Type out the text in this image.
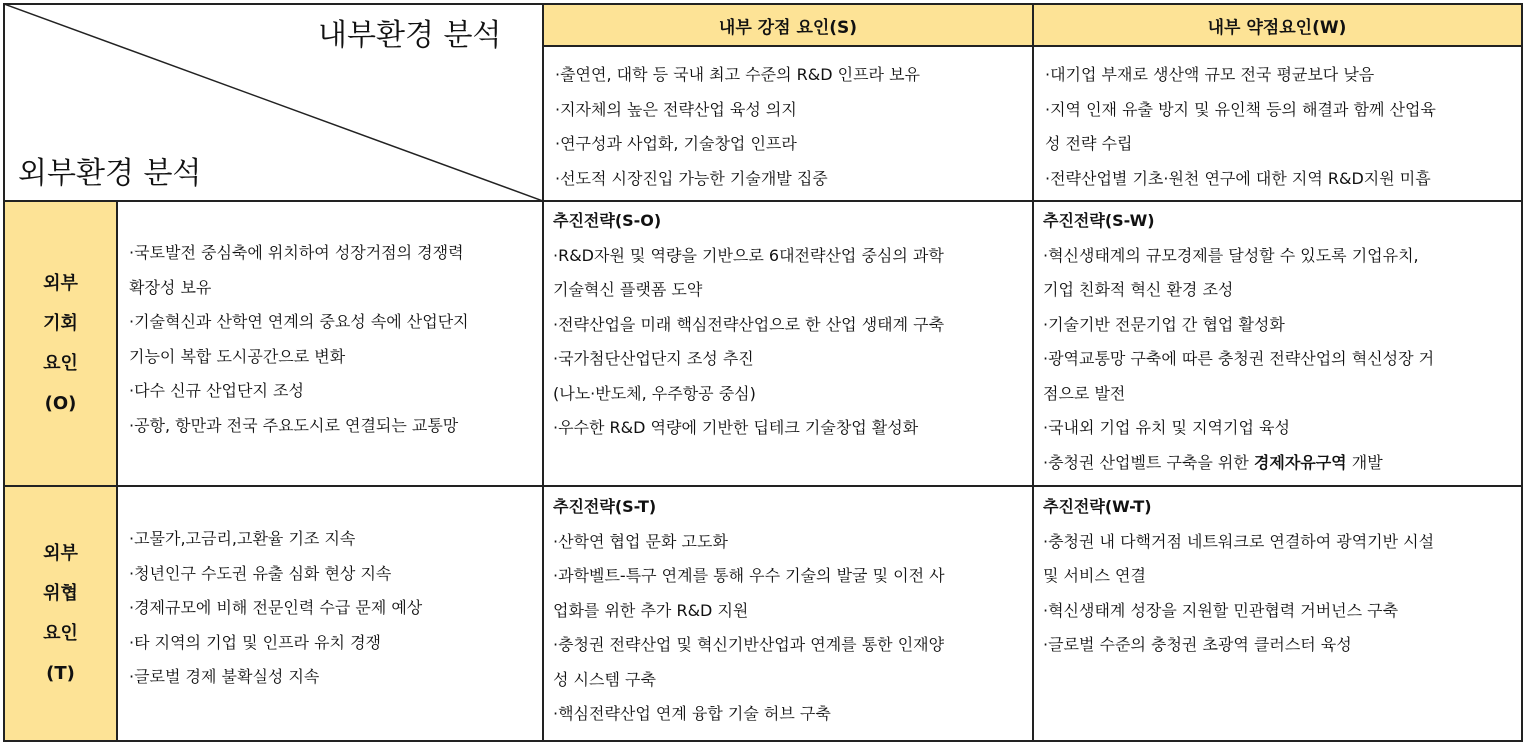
내부 강점 요인(S)	내부 약점요인(W)
외부
기회
요인
(O)
외부
위협
요인
(T)
내부환경 분석
외부환경 분석
·출연연, 대학 등 국내 최고 수준의 R&D 인프라 보유
·지자체의 높은 전략산업 육성 의지
·연구성과 사업화, 기술창업 인프라
·선도적 시장진입 가능한 기술개발 집중
·대기업 부재로 생산액 규모 전국 평균보다 낮음
·지역 인재 유출 방지 및 유인책 등의 해결과 함께 산업육
성 전략 수립
·전략산업별 기초·원천 연구에 대한 지역 R&D지원 미흡
·국토발전 중심축에 위치하여 성장거점의 경쟁력
확장성 보유
·기술혁신과 산학연 연계의 중요성 속에 산업단지
기능이 복합 도시공간으로 변화
·다수 신규 산업단지 조성
·공항, 항만과 전국 주요도시로 연결되는 교통망
·고물가,고금리,고환율 기조 지속
·청년인구 수도권 유출 심화 현상 지속
·경제규모에 비해 전문인력 수급 문제 예상
·타 지역의 기업 및 인프라 유치 경쟁
·글로벌 경제 불확실성 지속
추진전략(S-O)
·R&D자원 및 역량을 기반으로 6대전략산업 중심의 과학
기술혁신 플랫폼 도약
·전략산업을 미래 핵심전략산업으로 한 산업 생태계 구축
·국가첨단산업단지 조성 추진
(나노·반도체, 우주항공 중심)
·우수한 R&D 역량에 기반한 딥테크 기술창업 활성화
추진전략(S-W)
·혁신생태계의 규모경제를 달성할 수 있도록 기업유치,
기업 친화적 혁신 환경 조성
·기술기반 전문기업 간 협업 활성화
·광역교통망 구축에 따른 충청권 전략산업의 혁신성장 거
점으로 발전
·국내외 기업 유치 및 지역기업 육성
·충청권 산업벨트 구축을 위한 경제자유구역 개발
추진전략(S-T)
·산학연 협업 문화 고도화
·과학벨트-특구 연계를 통해 우수 기술의 발굴 및 이전 사
업화를 위한 추가 R&D 지원
·충청권 전략산업 및 혁신기반산업과 연계를 통한 인재양
성 시스템 구축
·핵심전략산업 연계 융합 기술 허브 구축
추진전략(W-T)
·충청권 내 다핵거점 네트워크로 연결하여 광역기반 시설
및 서비스 연결
·혁신생태계 성장을 지원할 민관협력 거버넌스 구축
·글로벌 수준의 충청권 초광역 클러스터 육성
